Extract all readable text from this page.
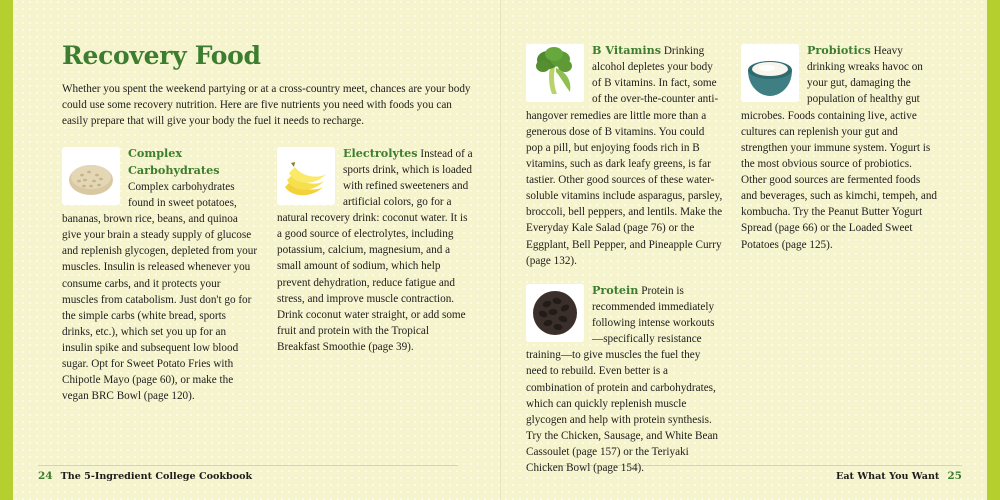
Recovery Food

Whether you spent the weekend partying or at a cross-country meet, chances are your body could use some recovery nutrition. Here are five nutrients you need with foods you can easily prepare that will give your body the fuel it needs to recharge.

Complex Carbohydrates Complex carbohydrates found in sweet potatoes, bananas, brown rice, beans, and quinoa give your brain a steady supply of glucose and replenish glycogen, depleted from your muscles. Insulin is released whenever you consume carbs, and it protects your muscles from catabolism. Just don't go for the simple carbs (white bread, sports drinks, etc.), which set you up for an insulin spike and subsequent low blood sugar. Opt for Sweet Potato Fries with Chipotle Mayo (page 60), or make the vegan BRC Bowl (page 120).
Electrolytes Instead of a sports drink, which is loaded with refined sweeteners and artificial colors, go for a natural recovery drink: coconut water. It is a good source of electrolytes, including potassium, calcium, magnesium, and a small amount of sodium, which help prevent dehydration, reduce fatigue and stress, and improve muscle contraction. Drink coconut water straight, or add some fruit and protein with the Tropical Breakfast Smoothie (page 39).
24 The 5-Ingredient College Cookbook
B Vitamins Drinking alcohol depletes your body of B vitamins. In fact, some of the over-the-counter anti-hangover remedies are little more than a generous dose of B vitamins. You could pop a pill, but enjoying foods rich in B vitamins, such as dark leafy greens, is far tastier. Other good sources of these water-soluble vitamins include asparagus, parsley, broccoli, bell peppers, and lentils. Make the Everyday Kale Salad (page 76) or the Eggplant, Bell Pepper, and Pineapple Curry (page 132).
Protein Protein is recommended immediately following intense workouts—specifically resistance training—to give muscles the fuel they need to rebuild. Even better is a combination of protein and carbohydrates, which can quickly replenish muscle glycogen and help with protein synthesis. Try the Chicken, Sausage, and White Bean Cassoulet (page 157) or the Teriyaki Chicken Bowl (page 154).
Probiotics Heavy drinking wreaks havoc on your gut, damaging the population of healthy gut microbes. Foods containing live, active cultures can replenish your gut and strengthen your immune system. Yogurt is the most obvious source of probiotics. Other good sources are fermented foods and beverages, such as kimchi, tempeh, and kombucha. Try the Peanut Butter Yogurt Spread (page 66) or the Loaded Sweet Potatoes (page 125).
Eat What You Want 25
